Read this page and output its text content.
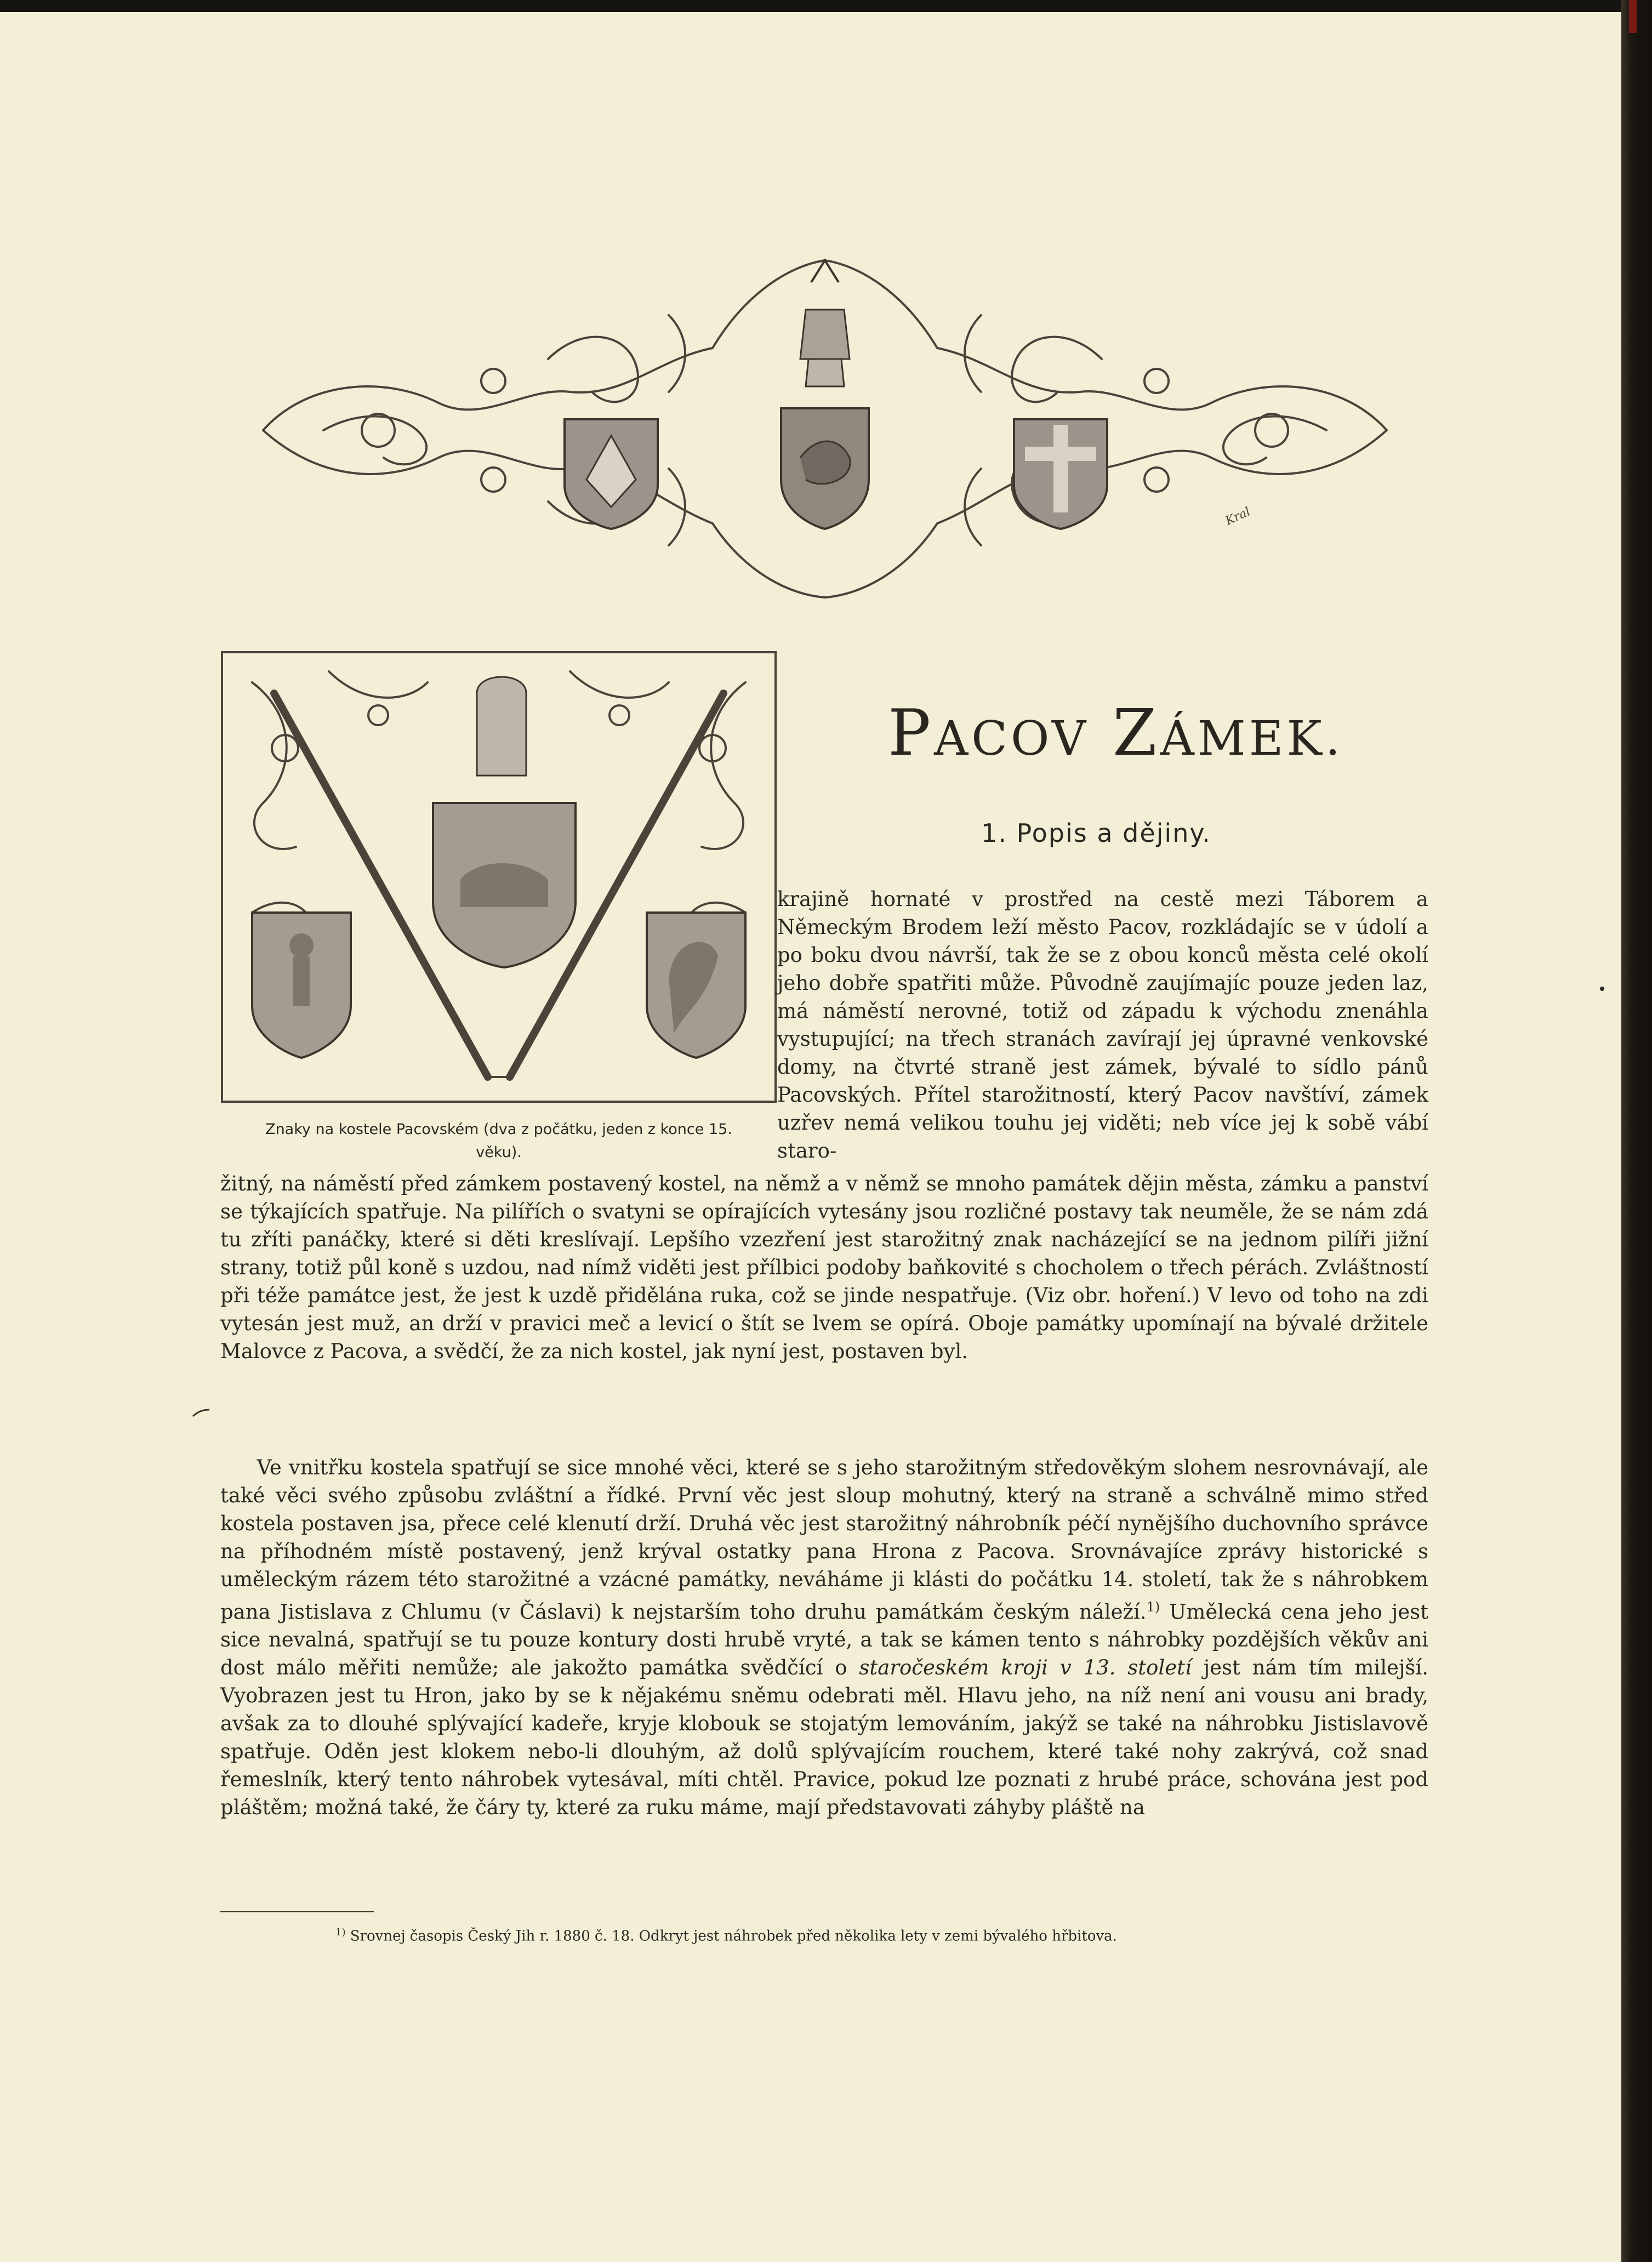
Kral

Znaky na kostele Pacovském (dva z počátku, jeden z konce 15. věku).

PACOV ZÁMEK.
1. Popis a dějiny.

krajině hornaté v prostřed na cestě mezi Táborem a Německým Brodem leží město Pacov, rozkládajíc se v údolí a po boku dvou návrší, tak že se z obou konců města celé okolí jeho dobře spatřiti může. Původně zaujímajíc pouze jeden laz, má náměstí nerovné, totiž od západu k východu znenáhla vystupující; na třech stranách zavírají jej úpravné venkovské domy, na čtvrté straně jest zámek, bývalé to sídlo pánů Pacovských. Přítel starožitností, který Pacov navštíví, zámek uzřev nemá velikou touhu jej viděti; neb více jej k sobě vábí staro-

žitný, na náměstí před zámkem postavený kostel, na němž a v němž se mnoho památek dějin města, zámku a panství se týkajících spatřuje. Na pilířích o svatyni se opírajících vytesány jsou rozličné postavy tak neuměle, že se nám zdá tu zříti panáčky, které si děti kreslívají. Lepšího vzezření jest starožitný znak nacházející se na jednom pilíři jižní strany, totiž půl koně s uzdou, nad nímž viděti jest přílbici podoby baňkovité s chocholem o třech pérách. Zvláštností při téže památce jest, že jest k uzdě přidělána ruka, což se jinde nespatřuje. (Viz obr. hoření.) V levo od toho na zdi vytesán jest muž, an drží v pravici meč a levicí o štít se lvem se opírá. Oboje památky upomínají na bývalé držitele Malovce z Pacova, a svědčí, že za nich kostel, jak nyní jest, postaven byl.

Ve vnitřku kostela spatřují se sice mnohé věci, které se s jeho starožitným středověkým slohem nesrovnávají, ale také věci svého způsobu zvláštní a řídké. První věc jest sloup mohutný, který na straně a schválně mimo střed kostela postaven jsa, přece celé klenutí drží. Druhá věc jest starožitný náhrobník péčí nynějšího duchovního správce na příhodném místě postavený, jenž krýval ostatky pana Hrona z Pacova. Srovnávajíce zprávy historické s uměleckým rázem této starožitné a vzácné památky, neváháme ji klásti do počátku 14. století, tak že s náhrobkem pana Jistislava z Chlumu (v Čáslavi) k nejstarším toho druhu památkám českým náleží.$^{1)}$ Umělecká cena jeho jest sice nevalná, spatřují se tu pouze kontury dosti hrubě vryté, a tak se kámen tento s náhrobky pozdějších věkův ani dost málo měřiti nemůže; ale jakožto památka svědčící o staročeském kroji v 13. století jest nám tím milejší. Vyobrazen jest tu Hron, jako by se k nějakému sněmu odebrati měl. Hlavu jeho, na níž není ani vousu ani brady, avšak za to dlouhé splývající kadeře, kryje klobouk se stojatým lemováním, jakýž se také na náhrobku Jistislavově spatřuje. Oděn jest klokem nebo-li dlouhým, až dolů splývajícím rouchem, které také nohy zakrývá, což snad řemeslník, který tento náhrobek vytesával, míti chtěl. Pravice, pokud lze poznati z hrubé práce, schována jest pod pláštěm; možná také, že čáry ty, které za ruku máme, mají představovati záhyby pláště na

$^{1)}$ Srovnej časopis Český Jih r. 1880 č. 18. Odkryt jest náhrobek před několika lety v zemi bývalého hřbitova.
